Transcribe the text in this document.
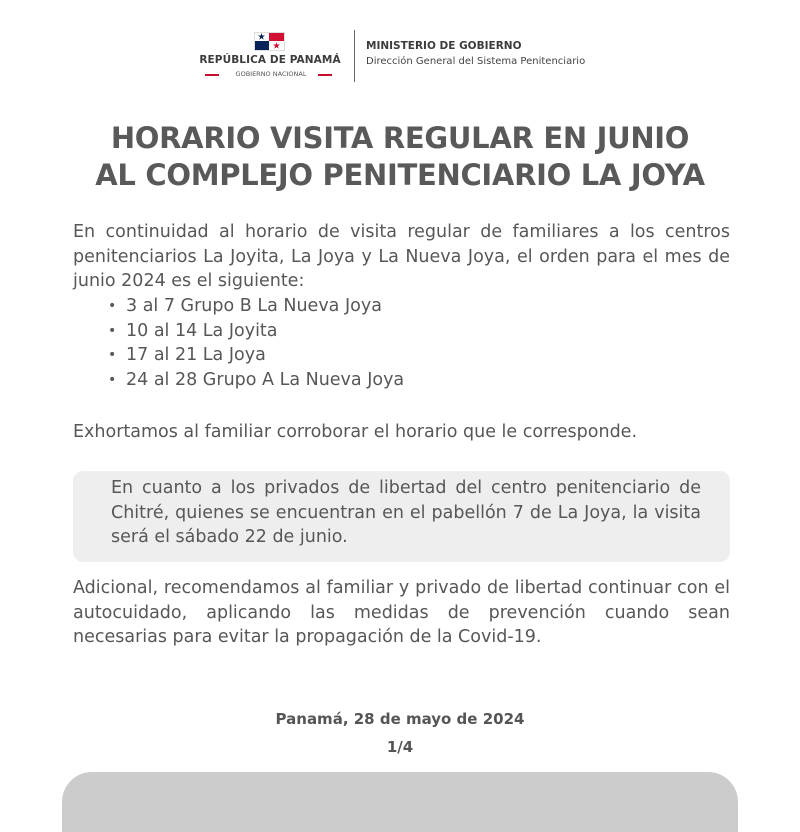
REPÚBLICA DE PANAMÁ
GOBIERNO NACIONAL
MINISTERIO DE GOBIERNO
Dirección General del Sistema Penitenciario
HORARIO VISITA REGULAR EN JUNIO
AL COMPLEJO PENITENCIARIO LA JOYA
En continuidad al horario de visita regular de familiares a los centros penitenciarios La Joyita, La Joya y La Nueva Joya, el orden para el mes de junio 2024 es el siguiente:
• 3 al 7 Grupo B La Nueva Joya
• 10 al 14 La Joyita
• 17 al 21 La Joya
• 24 al 28 Grupo A La Nueva Joya
Exhortamos al familiar corroborar el horario que le corresponde.
En cuanto a los privados de libertad del centro penitenciario de Chitré, quienes se encuentran en el pabellón 7 de La Joya, la visita será el sábado 22 de junio.
Adicional, recomendamos al familiar y privado de libertad continuar con el autocuidado, aplicando las medidas de prevención cuando sean necesarias para evitar la propagación de la Covid-19.
Panamá, 28 de mayo de 2024
1/4
